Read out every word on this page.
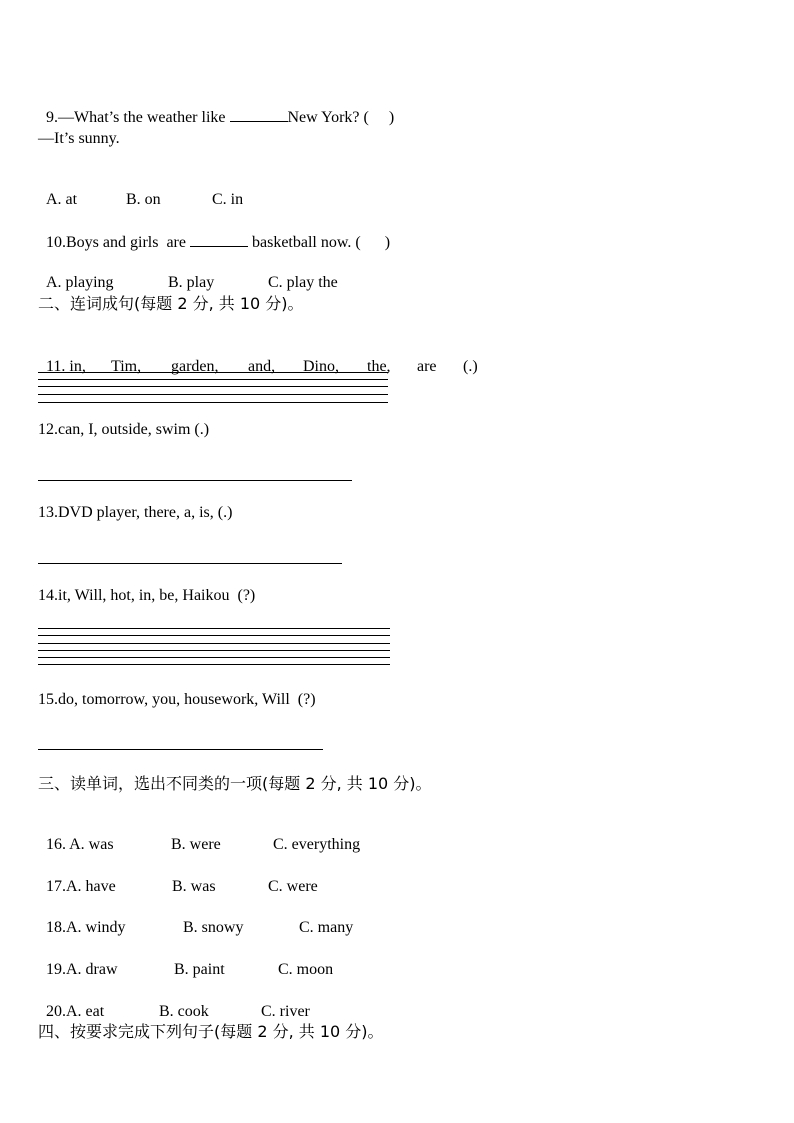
9.—What’s the weather like	New York? (     )

—It’s sunny.

A. at	B. on	C. in

10.Boys and girls  are	basketball now. (      )

A. playing	B. play	C. play the

二、连词成句(每题 2 分, 共 10 分)。

11. in, Tim, garden, and, Dino, the, are (.)

12.can, I, outside, swim (.)
13.DVD player, there, a, is, (.)
14.it, Will, hot, in, be, Haikou  (?)
15.do, tomorrow, you, housework, Will  (?)
三、读单词，选出不同类的一项(每题 2 分, 共 10 分)。

16. A. was	B. were	C. everything

17.A. have	B. was	C. were

18.A. windy	B. snowy	C. many

19.A. draw	B. paint	C. moon

20.A. eat	B. cook	C. river

四、按要求完成下列句子(每题 2 分, 共 10 分)。
